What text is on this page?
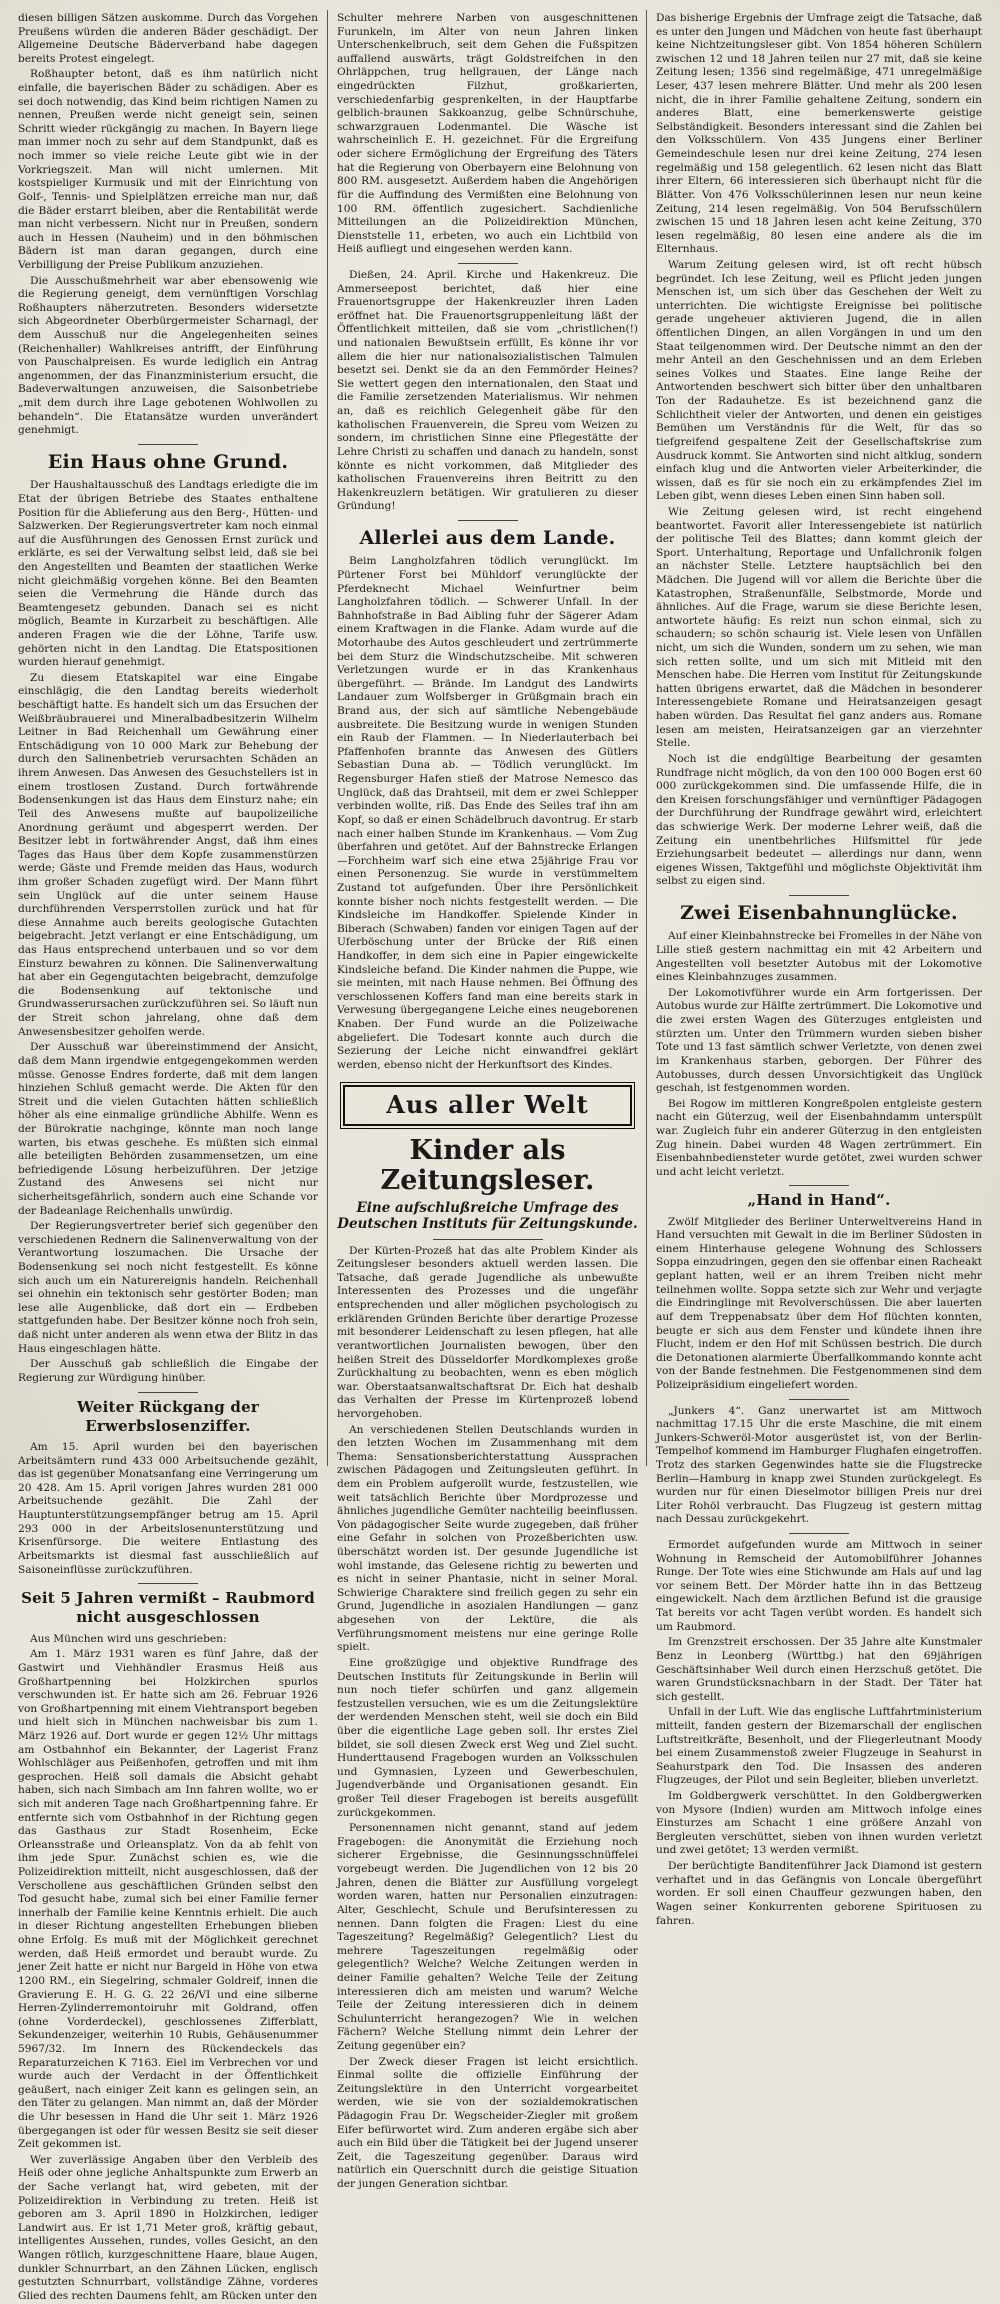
diesen billigen Sätzen auskomme. Durch das Vorgehen Preußens würden die anderen Bäder geschädigt. Der Allgemeine Deutsche Bäderverband habe dagegen bereits Protest eingelegt.

Roßhaupter betont, daß es ihm natürlich nicht einfalle, die bayerischen Bäder zu schädigen. Aber es sei doch notwendig, das Kind beim richtigen Namen zu nennen, Preußen werde nicht geneigt sein, seinen Schritt wieder rückgängig zu machen. In Bayern liege man immer noch zu sehr auf dem Standpunkt, daß es noch immer so viele reiche Leute gibt wie in der Vorkriegszeit. Man will nicht umlernen. Mit kostspieliger Kurmusik und mit der Einrichtung von Golf-, Tennis- und Spielplätzen erreiche man nur, daß die Bäder erstarrt bleiben, aber die Rentabilität werde man nicht verbessern. Nicht nur in Preußen, sondern auch in Hessen (Nauheim) und in den böhmischen Bädern ist man daran gegangen, durch eine Verbilligung der Preise Publikum anzuziehen.

Die Ausschußmehrheit war aber ebensowenig wie die Regierung geneigt, dem vernünftigen Vorschlag Roßhaupters näherzutreten. Besonders widersetzte sich Abgeordneter Oberbürgermeister Scharnagl, der dem Ausschuß nur die Angelegenheiten seines (Reichenhaller) Wahlkreises antrifft, der Einführung von Pauschalpreisen. Es wurde lediglich ein Antrag angenommen, der das Finanzministerium ersucht, die Badeverwaltungen anzuweisen, die Saisonbetriebe „mit dem durch ihre Lage gebotenen Wohlwollen zu behandeln“. Die Etatansätze wurden unverändert genehmigt.

Ein Haus ohne Grund.

Der Haushaltausschuß des Landtags erledigte die im Etat der übrigen Betriebe des Staates enthaltene Position für die Ablieferung aus den Berg-, Hütten- und Salzwerken. Der Regierungsvertreter kam noch einmal auf die Ausführungen des Genossen Ernst zurück und erklärte, es sei der Verwaltung selbst leid, daß sie bei den Angestellten und Beamten der staatlichen Werke nicht gleichmäßig vorgehen könne. Bei den Beamten seien die Vermehrung die Hände durch das Beamtengesetz gebunden. Danach sei es nicht möglich, Beamte in Kurzarbeit zu beschäftigen. Alle anderen Fragen wie die der Löhne, Tarife usw. gehörten nicht in den Landtag. Die Etatspositionen wurden hierauf genehmigt.

Zu diesem Etatskapitel war eine Eingabe einschlägig, die den Landtag bereits wiederholt beschäftigt hatte. Es handelt sich um das Ersuchen der Weißbräubrauerei und Mineralbadbesitzerin Wilhelm Leitner in Bad Reichenhall um Gewährung einer Entschädigung von 10 000 Mark zur Behebung der durch den Salinenbetrieb verursachten Schäden an ihrem Anwesen. Das Anwesen des Gesuchstellers ist in einem trostlosen Zustand. Durch fortwährende Bodensenkungen ist das Haus dem Einsturz nahe; ein Teil des Anwesens mußte auf baupolizeiliche Anordnung geräumt und abgesperrt werden. Der Besitzer lebt in fortwährender Angst, daß ihm eines Tages das Haus über dem Kopfe zusammenstürzen werde; Gäste und Fremde meiden das Haus, wodurch ihm großer Schaden zugefügt wird. Der Mann führt sein Unglück auf die unter seinem Hause durchführenden Versperrstollen zurück und hat für diese Annahme auch bereits geologische Gutachten beigebracht. Jetzt verlangt er eine Entschädigung, um das Haus entsprechend unterbauen und so vor dem Einsturz bewahren zu können. Die Salinenverwaltung hat aber ein Gegengutachten beigebracht, demzufolge die Bodensenkung auf tektonische und Grundwasserursachen zurückzuführen sei. So läuft nun der Streit schon jahrelang, ohne daß dem Anwesensbesitzer geholfen werde.

Der Ausschuß war übereinstimmend der Ansicht, daß dem Mann irgendwie entgegengekommen werden müsse. Genosse Endres forderte, daß mit dem langen hinziehen Schluß gemacht werde. Die Akten für den Streit und die vielen Gutachten hätten schließlich höher als eine einmalige gründliche Abhilfe. Wenn es der Bürokratie nachginge, könnte man noch lange warten, bis etwas geschehe. Es müßten sich einmal alle beteiligten Behörden zusammensetzen, um eine befriedigende Lösung herbeizuführen. Der jetzige Zustand des Anwesens sei nicht nur sicherheitsgefährlich, sondern auch eine Schande vor der Badeanlage Reichenhalls unwürdig.

Der Regierungsvertreter berief sich gegenüber den verschiedenen Rednern die Salinenverwaltung von der Verantwortung loszumachen. Die Ursache der Bodensenkung sei noch nicht festgestellt. Es könne sich auch um ein Naturereignis handeln. Reichenhall sei ohnehin ein tektonisch sehr gestörter Boden; man lese alle Augenblicke, daß dort ein — Erdbeben stattgefunden habe. Der Besitzer könne noch froh sein, daß nicht unter anderen als wenn etwa der Blitz in das Haus eingeschlagen hätte.

Der Ausschuß gab schließlich die Eingabe der Regierung zur Würdigung hinüber.

Weiter Rückgang der Erwerbslosenziffer.

Am 15. April wurden bei den bayerischen Arbeitsämtern rund 433 000 Arbeitsuchende gezählt, das ist gegenüber Monatsanfang eine Verringerung um 20 428. Am 15. April vorigen Jahres wurden 281 000 Arbeitsuchende gezählt. Die Zahl der Hauptunterstützungsempfänger betrug am 15. April 293 000 in der Arbeitslosenunterstützung und Krisenfürsorge. Die weitere Entlastung des Arbeitsmarkts ist diesmal fast ausschließlich auf Saisoneinflüsse zurückzuführen.

Seit 5 Jahren vermißt – Raubmord nicht ausgeschlossen

Aus München wird uns geschrieben:

Am 1. März 1931 waren es fünf Jahre, daß der Gastwirt und Viehhändler Erasmus Heiß aus Großhartpenning bei Holzkirchen spurlos verschwunden ist. Er hatte sich am 26. Februar 1926 von Großhartpenning mit einem Viehtransport begeben und hielt sich in München nachweisbar bis zum 1. März 1926 auf. Dort wurde er gegen 12½ Uhr mittags am Ostbahnhof ein Bekannter, der Lagerist Franz Wohlschläger aus Peißenhofen, getroffen und mit ihm gesprochen. Heiß soll damals die Absicht gehabt haben, sich nach Simbach am Inn fahren wollte, wo er sich mit anderen Tage nach Großhartpenning fahre. Er entfernte sich vom Ostbahnhof in der Richtung gegen das Gasthaus zur Stadt Rosenheim, Ecke Orleansstraße und Orleansplatz. Von da ab fehlt von ihm jede Spur. Zunächst schien es, wie die Polizeidirektion mitteilt, nicht ausgeschlossen, daß der Verschollene aus geschäftlichen Gründen selbst den Tod gesucht habe, zumal sich bei einer Familie ferner innerhalb der Familie keine Kenntnis erhielt. Die auch in dieser Richtung angestellten Erhebungen blieben ohne Erfolg. Es muß mit der Möglichkeit gerechnet werden, daß Heiß ermordet und beraubt wurde. Zu jener Zeit hatte er nicht nur Bargeld in Höhe von etwa 1200 RM., ein Siegelring, schmaler Goldreif, innen die Gravierung E. H. G. G. 22 26/VI und eine silberne Herren-Zylinderremontoiruhr mit Goldrand, offen (ohne Vorderdeckel), geschlossenes Zifferblatt, Sekundenzeiger, weiterhin 10 Rubis, Gehäusenummer 5967/32. Im Innern des Rückendeckels das Reparaturzeichen K 7163. Eiel im Verbrechen vor und wurde auch der Verdacht in der Öffentlichkeit geäußert, nach einiger Zeit kann es gelingen sein, an den Täter zu gelangen. Man nimmt an, daß der Mörder die Uhr besessen in Hand die Uhr seit 1. März 1926 übergegangen ist oder für wessen Besitz sie seit dieser Zeit gekommen ist.

Wer zuverlässige Angaben über den Verbleib des Heiß oder ohne jegliche Anhaltspunkte zum Erwerb an der Sache verlangt hat, wird gebeten, mit der Polizeidirektion in Verbindung zu treten. Heiß ist geboren am 3. April 1890 in Holzkirchen, lediger Landwirt aus. Er ist 1,71 Meter groß, kräftig gebaut, intelligentes Aussehen, rundes, volles Gesicht, an den Wangen rötlich, kurzgeschnittene Haare, blaue Augen, dunkler Schnurrbart, an den Zähnen Lücken, englisch gestutzten Schnurrbart, vollständige Zähne, vorderes Glied des rechten Daumens fehlt, am Rücken unter den

Schulter mehrere Narben von ausgeschnittenen Furunkeln, im Alter von neun Jahren linken Unterschenkelbruch, seit dem Gehen die Fußspitzen auffallend auswärts, trägt Goldstreifchen in den Ohrläppchen, trug hellgrauen, der Länge nach eingedrückten Filzhut, großkarierten, verschiedenfarbig gesprenkelten, in der Hauptfarbe gelblich-braunen Sakkoanzug, gelbe Schnürschuhe, schwarzgrauen Lodenmantel. Die Wäsche ist wahrscheinlich E. H. gezeichnet. Für die Ergreifung oder sichere Ermöglichung der Ergreifung des Täters hat die Regierung von Oberbayern eine Belohnung von 800 RM. ausgesetzt. Außerdem haben die Angehörigen für die Auffindung des Vermißten eine Belohnung von 100 RM. öffentlich zugesichert. Sachdienliche Mitteilungen an die Polizeidirektion München, Dienststelle 11, erbeten, wo auch ein Lichtbild von Heiß aufliegt und eingesehen werden kann.

Dießen, 24. April. Kirche und Hakenkreuz. Die Ammerseepost berichtet, daß hier eine Frauenortsgruppe der Hakenkreuzler ihren Laden eröffnet hat. Die Frauenortsgruppenleitung läßt der Öffentlichkeit mitteilen, daß sie vom „christlichen(!) und nationalen Bewußtsein erfüllt, Es könne ihr vor allem die hier nur nationalsozialistischen Talmulen besetzt sei. Denkt sie da an den Femmörder Heines? Sie wettert gegen den internationalen, den Staat und die Familie zersetzenden Materialismus. Wir nehmen an, daß es reichlich Gelegenheit gäbe für den katholischen Frauenverein, die Spreu vom Weizen zu sondern, im christlichen Sinne eine Pflegestätte der Lehre Christi zu schaffen und danach zu handeln, sonst könnte es nicht vorkommen, daß Mitglieder des katholischen Frauenvereins ihren Beitritt zu den Hakenkreuzlern betätigen. Wir gratulieren zu dieser Gründung!

Allerlei aus dem Lande.

Beim Langholzfahren tödlich verunglückt. Im Pürtener Forst bei Mühldorf verunglückte der Pferdeknecht Michael Weinfurtner beim Langholzfahren tödlich. — Schwerer Unfall. In der Bahnhofstraße in Bad Aibling fuhr der Sägerer Adam einem Kraftwagen in die Flanke. Adam wurde auf die Motorhaube des Autos geschleudert und zertrümmerte bei dem Sturz die Windschutzscheibe. Mit schweren Verletzungen wurde er in das Krankenhaus übergeführt. — Brände. Im Landgut des Landwirts Landauer zum Wolfsberger in Grüßgmain brach ein Brand aus, der sich auf sämtliche Nebengebäude ausbreitete. Die Besitzung wurde in wenigen Stunden ein Raub der Flammen. — In Niederlauterbach bei Pfaffenhofen brannte das Anwesen des Gütlers Sebastian Duna ab. — Tödlich verunglückt. Im Regensburger Hafen stieß der Matrose Nemesco das Unglück, daß das Drahtseil, mit dem er zwei Schlepper verbinden wollte, riß. Das Ende des Seiles traf ihn am Kopf, so daß er einen Schädelbruch davontrug. Er starb nach einer halben Stunde im Krankenhaus. — Vom Zug überfahren und getötet. Auf der Bahnstrecke Erlangen—Forchheim warf sich eine etwa 25jährige Frau vor einen Personenzug. Sie wurde in verstümmeltem Zustand tot aufgefunden. Über ihre Persönlichkeit konnte bisher noch nichts festgestellt werden. — Die Kindsleiche im Handkoffer. Spielende Kinder in Biberach (Schwaben) fanden vor einigen Tagen auf der Uferböschung unter der Brücke der Riß einen Handkoffer, in dem sich eine in Papier eingewickelte Kindsleiche befand. Die Kinder nahmen die Puppe, wie sie meinten, mit nach Hause nehmen. Bei Öffnung des verschlossenen Koffers fand man eine bereits stark in Verwesung übergegangene Leiche eines neugeborenen Knaben. Der Fund wurde an die Polizeiwache abgeliefert. Die Todesart konnte auch durch die Sezierung der Leiche nicht einwandfrei geklärt werden, ebenso nicht der Herkunftsort des Kindes.

Aus aller Welt
Kinder als Zeitungsleser.
Eine aufschlußreiche Umfrage des Deutschen Instituts für Zeitungskunde.

Der Kürten-Prozeß hat das alte Problem Kinder als Zeitungsleser besonders aktuell werden lassen. Die Tatsache, daß gerade Jugendliche als unbewußte Interessenten des Prozesses und die ungefähr entsprechenden und aller möglichen psychologisch zu erklärenden Gründen Berichte über derartige Prozesse mit besonderer Leidenschaft zu lesen pflegen, hat alle verantwortlichen Journalisten bewogen, über den heißen Streit des Düsseldorfer Mordkomplexes große Zurückhaltung zu beobachten, wenn es eben möglich war. Oberstaatsanwaltschaftsrat Dr. Eich hat deshalb das Verhalten der Presse im Kürtenprozeß lobend hervorgehoben.

An verschiedenen Stellen Deutschlands wurden in den letzten Wochen im Zusammenhang mit dem Thema: Sensationsberichterstattung Aussprachen zwischen Pädagogen und Zeitungsleuten geführt. In dem ein Problem aufgerollt wurde, festzustellen, wie weit tatsächlich Berichte über Mordprozesse und ähnliches jugendliche Gemüter nachteilig beeinflussen. Von pädagogischer Seite wurde zugegeben, daß früher eine Gefahr in solchen von Prozeßberichten usw. überschätzt worden ist. Der gesunde Jugendliche ist wohl imstande, das Gelesene richtig zu bewerten und es nicht in seiner Phantasie, nicht in seiner Moral. Schwierige Charaktere sind freilich gegen zu sehr ein Grund, Jugendliche in asozialen Handlungen — ganz abgesehen von der Lektüre, die als Verführungsmoment meistens nur eine geringe Rolle spielt.

Eine großzügige und objektive Rundfrage des Deutschen Instituts für Zeitungskunde in Berlin will nun noch tiefer schürfen und ganz allgemein festzustellen versuchen, wie es um die Zeitungslektüre der werdenden Menschen steht, weil sie doch ein Bild über die eigentliche Lage geben soll. Ihr erstes Ziel bildet, sie soll diesen Zweck erst Weg und Ziel sucht. Hunderttausend Fragebogen wurden an Volksschulen und Gymnasien, Lyzeen und Gewerbeschulen, Jugendverbände und Organisationen gesandt. Ein großer Teil dieser Fragebogen ist bereits ausgefüllt zurückgekommen.

Personennamen nicht genannt, stand auf jedem Fragebogen: die Anonymität die Erziehung noch sicherer Ergebnisse, die Gesinnungsschnüffelei vorgebeugt werden. Die Jugendlichen von 12 bis 20 Jahren, denen die Blätter zur Ausfüllung vorgelegt worden waren, hatten nur Personalien einzutragen: Alter, Geschlecht, Schule und Berufsinteressen zu nennen. Dann folgten die Fragen: Liest du eine Tageszeitung? Regelmäßig? Gelegentlich? Liest du mehrere Tageszeitungen regelmäßig oder gelegentlich? Welche? Welche Zeitungen werden in deiner Familie gehalten? Welche Teile der Zeitung interessieren dich am meisten und warum? Welche Teile der Zeitung interessieren dich in deinem Schulunterricht herangezogen? Wie in welchen Fächern? Welche Stellung nimmt dein Lehrer der Zeitung gegenüber ein?

Der Zweck dieser Fragen ist leicht ersichtlich. Einmal sollte die offizielle Einführung der Zeitungslektüre in den Unterricht vorgearbeitet werden, wie sie von der sozialdemokratischen Pädagogin Frau Dr. Wegscheider-Ziegler mit großem Eifer befürwortet wird. Zum anderen ergäbe sich aber auch ein Bild über die Tätigkeit bei der Jugend unserer Zeit, die Tageszeitung gegenüber. Daraus wird natürlich ein Querschnitt durch die geistige Situation der jungen Generation sichtbar.

Das bisherige Ergebnis der Umfrage zeigt die Tatsache, daß es unter den Jungen und Mädchen von heute fast überhaupt keine Nichtzeitungsleser gibt. Von 1854 höheren Schülern zwischen 12 und 18 Jahren teilen nur 27 mit, daß sie keine Zeitung lesen; 1356 sind regelmäßige, 471 unregelmäßige Leser, 437 lesen mehrere Blätter. Und mehr als 200 lesen nicht, die in ihrer Familie gehaltene Zeitung, sondern ein anderes Blatt, eine bemerkenswerte geistige Selbständigkeit. Besonders interessant sind die Zahlen bei den Volksschülern. Von 435 Jungens einer Berliner Gemeindeschule lesen nur drei keine Zeitung, 274 lesen regelmäßig und 158 gelegentlich. 62 lesen nicht das Blatt ihrer Eltern, 66 interessieren sich überhaupt nicht für die Blätter. Von 476 Volksschülerinnen lesen nur neun keine Zeitung, 214 lesen regelmäßig. Von 504 Berufsschülern zwischen 15 und 18 Jahren lesen acht keine Zeitung, 370 lesen regelmäßig, 80 lesen eine andere als die im Elternhaus.

Warum Zeitung gelesen wird, ist oft recht hübsch begründet. Ich lese Zeitung, weil es Pflicht jeden jungen Menschen ist, um sich über das Geschehen der Welt zu unterrichten. Die wichtigste Ereignisse bei politische gerade ungeheuer aktivieren Jugend, die in allen öffentlichen Dingen, an allen Vorgängen in und um den Staat teilgenommen wird. Der Deutsche nimmt an den der mehr Anteil an den Geschehnissen und an dem Erleben seines Volkes und Staates. Eine lange Reihe der Antwortenden beschwert sich bitter über den unhaltbaren Ton der Radauhetze. Es ist bezeichnend ganz die Schlichtheit vieler der Antworten, und denen ein geistiges Bemühen um Verständnis für die Welt, für das so tiefgreifend gespaltene Zeit der Gesellschaftskrise zum Ausdruck kommt. Sie Antworten sind nicht altklug, sondern einfach klug und die Antworten vieler Arbeiterkinder, die wissen, daß es für sie noch ein zu erkämpfendes Ziel im Leben gibt, wenn dieses Leben einen Sinn haben soll.

Wie Zeitung gelesen wird, ist recht eingehend beantwortet. Favorit aller Interessengebiete ist natürlich der politische Teil des Blattes; dann kommt gleich der Sport. Unterhaltung, Reportage und Unfallchronik folgen an nächster Stelle. Letztere hauptsächlich bei den Mädchen. Die Jugend will vor allem die Berichte über die Katastrophen, Straßenunfälle, Selbstmorde, Morde und ähnliches. Auf die Frage, warum sie diese Berichte lesen, antwortete häufig: Es reizt nun schon einmal, sich zu schaudern; so schön schaurig ist. Viele lesen von Unfällen nicht, um sich die Wunden, sondern um zu sehen, wie man sich retten sollte, und um sich mit Mitleid mit den Menschen habe. Die Herren vom Institut für Zeitungskunde hatten übrigens erwartet, daß die Mädchen in besonderer Interessengebiete Romane und Heiratsanzeigen gesagt haben würden. Das Resultat fiel ganz anders aus. Romane lesen am meisten, Heiratsanzeigen gar an vierzehnter Stelle.

Noch ist die endgültige Bearbeitung der gesamten Rundfrage nicht möglich, da von den 100 000 Bogen erst 60 000 zurückgekommen sind. Die umfassende Hilfe, die in den Kreisen forschungsfähiger und vernünftiger Pädagogen der Durchführung der Rundfrage gewährt wird, erleichtert das schwierige Werk. Der moderne Lehrer weiß, daß die Zeitung ein unentbehrliches Hilfsmittel für jede Erziehungsarbeit bedeutet — allerdings nur dann, wenn eigenes Wissen, Taktgefühl und möglichste Objektivität ihm selbst zu eigen sind.

Zwei Eisenbahnunglücke.

Auf einer Kleinbahnstrecke bei Fromelles in der Nähe von Lille stieß gestern nachmittag ein mit 42 Arbeitern und Angestellten voll besetzter Autobus mit der Lokomotive eines Kleinbahnzuges zusammen.

Der Lokomotivführer wurde ein Arm fortgerissen. Der Autobus wurde zur Hälfte zertrümmert. Die Lokomotive und die zwei ersten Wagen des Güterzuges entgleisten und stürzten um. Unter den Trümmern wurden sieben bisher Tote und 13 fast sämtlich schwer Verletzte, von denen zwei im Krankenhaus starben, geborgen. Der Führer des Autobusses, durch dessen Unvorsichtigkeit das Unglück geschah, ist festgenommen worden.

Bei Rogow im mittleren Kongreßpolen entgleiste gestern nacht ein Güterzug, weil der Eisenbahndamm unterspült war. Zugleich fuhr ein anderer Güterzug in den entgleisten Zug hinein. Dabei wurden 48 Wagen zertrümmert. Ein Eisenbahnbediensteter wurde getötet, zwei wurden schwer und acht leicht verletzt.

„Hand in Hand“.

Zwölf Mitglieder des Berliner Unterweltvereins Hand in Hand versuchten mit Gewalt in die im Berliner Südosten in einem Hinterhause gelegene Wohnung des Schlossers Soppa einzudringen, gegen den sie offenbar einen Racheakt geplant hatten, weil er an ihrem Treiben nicht mehr teilnehmen wollte. Soppa setzte sich zur Wehr und verjagte die Eindringlinge mit Revolverschüssen. Die aber lauerten auf dem Treppenabsatz über dem Hof flüchten konnten, beugte er sich aus dem Fenster und kündete ihnen ihre Flucht, indem er den Hof mit Schüssen bestrich. Die durch die Detonationen alarmierte Überfallkommando konnte acht von der Bande festnehmen. Die Festgenommenen sind dem Polizeipräsidium eingeliefert worden.

„Junkers 4“. Ganz unerwartet ist am Mittwoch nachmittag 17.15 Uhr die erste Maschine, die mit einem Junkers-Schweröl-Motor ausgerüstet ist, von der Berlin-Tempelhof kommend im Hamburger Flughafen eingetroffen. Trotz des starken Gegenwindes hatte sie die Flugstrecke Berlin—Hamburg in knapp zwei Stunden zurückgelegt. Es wurden nur für einen Dieselmotor billigen Preis nur drei Liter Rohöl verbraucht. Das Flugzeug ist gestern mittag nach Dessau zurückgekehrt.

Ermordet aufgefunden wurde am Mittwoch in seiner Wohnung in Remscheid der Automobilführer Johannes Runge. Der Tote wies eine Stichwunde am Hals auf und lag vor seinem Bett. Der Mörder hatte ihn in das Bettzeug eingewickelt. Nach dem ärztlichen Befund ist die grausige Tat bereits vor acht Tagen verübt worden. Es handelt sich um Raubmord.

Im Grenzstreit erschossen. Der 35 Jahre alte Kunstmaler Benz in Leonberg (Württbg.) hat den 69jährigen Geschäftsinhaber Weil durch einen Herzschuß getötet. Die waren Grundstücksnachbarn in der Stadt. Der Täter hat sich gestellt.

Unfall in der Luft. Wie das englische Luftfahrtministerium mitteilt, fanden gestern der Bizemarschall der englischen Luftstreitkräfte, Besenholt, und der Fliegerleutnant Moody bei einem Zusammenstoß zweier Flugzeuge in Seahurst in Seahurstpark den Tod. Die Insassen des anderen Flugzeuges, der Pilot und sein Begleiter, blieben unverletzt.

Im Goldbergwerk verschüttet. In den Goldbergwerken von Mysore (Indien) wurden am Mittwoch infolge eines Einsturzes am Schacht 1 eine größere Anzahl von Bergleuten verschüttet, sieben von ihnen wurden verletzt und zwei getötet; 13 werden vermißt.

Der berüchtigte Banditenführer Jack Diamond ist gestern verhaftet und in das Gefängnis von Loncale übergeführt worden. Er soll einen Chauffeur gezwungen haben, den Wagen seiner Konkurrenten geborene Spirituosen zu fahren.
